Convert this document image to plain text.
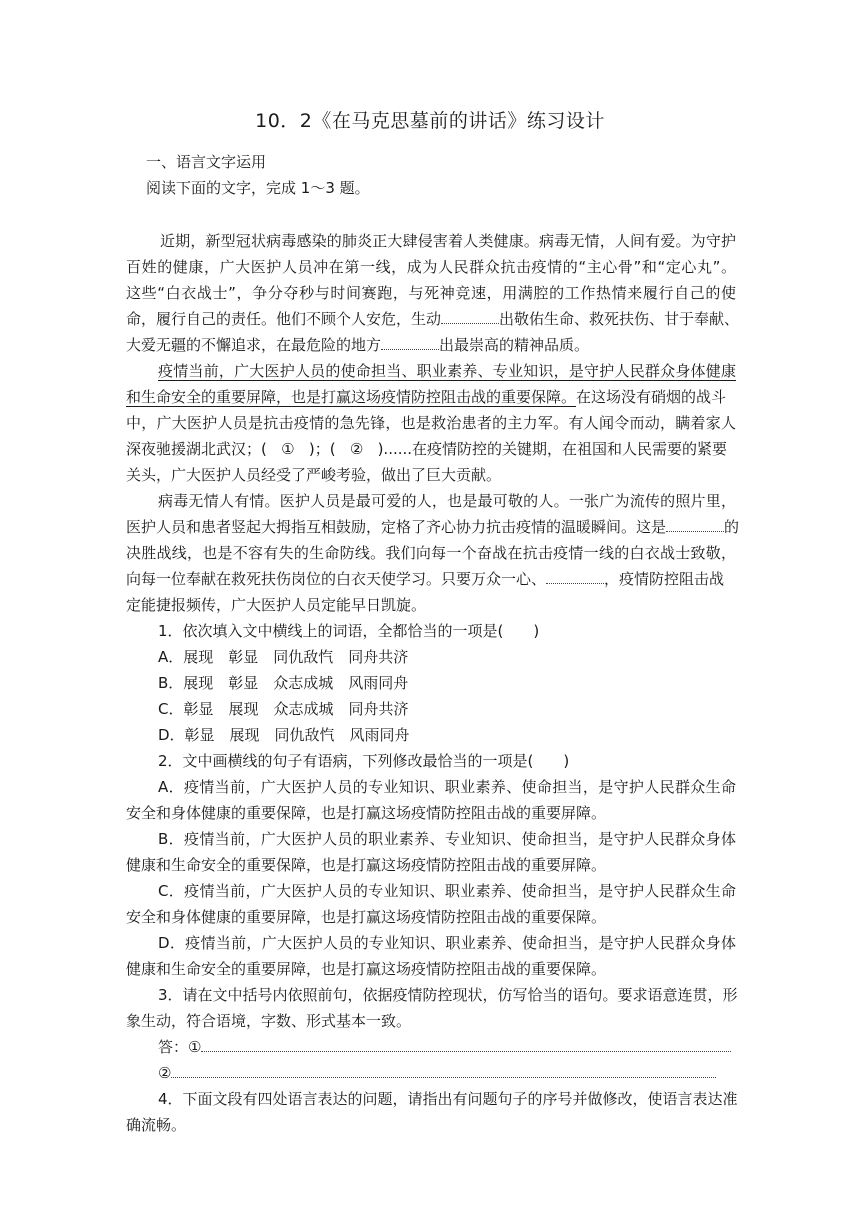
10．2《在马克思墓前的讲话》练习设计
一、语言文字运用
阅读下面的文字，完成 1～3 题。
近期，新型冠状病毒感染的肺炎正大肆侵害着人类健康。病毒无情，人间有爱。为守护
百姓的健康，广大医护人员冲在第一线，成为人民群众抗击疫情的“主心骨”和“定心丸”。
这些“白衣战士”，争分夺秒与时间赛跑，与死神竞速，用满腔的工作热情来履行自己的使
命，履行自己的责任。他们不顾个人安危，生动	出敬佑生命、救死扶伤、甘于奉献、
大爱无疆的不懈追求，在最危险的地方	出最崇高的精神品质。
疫情当前，广大医护人员的使命担当、职业素养、专业知识，是守护人民群众身体健康
和生命安全的重要屏障，也是打赢这场疫情防控阻击战的重要保障。在这场没有硝烟的战斗
中，广大医护人员是抗击疫情的急先锋，也是救治患者的主力军。有人闻令而动，瞒着家人
深夜驰援湖北武汉；( ① )；( ② )......在疫情防控的关键期，在祖国和人民需要的紧要
关头，广大医护人员经受了严峻考验，做出了巨大贡献。
病毒无情人有情。医护人员是最可爱的人，也是最可敬的人。一张广为流传的照片里，
医护人员和患者竖起大拇指互相鼓励，定格了齐心协力抗击疫情的温暖瞬间。这是	的
决胜战线，也是不容有失的生命防线。我们向每一个奋战在抗击疫情一线的白衣战士致敬，
向每一位奉献在救死扶伤岗位的白衣天使学习。只要万众一心、	，疫情防控阻击战
定能捷报频传，广大医护人员定能早日凯旋。
1．依次填入文中横线上的词语，全都恰当的一项是(　　)
A．展现　彰显　同仇敌忾　同舟共济
B．展现　彰显　众志成城　风雨同舟
C．彰显　展现　众志成城　同舟共济
D．彰显　展现　同仇敌忾　风雨同舟
2．文中画横线的句子有语病，下列修改最恰当的一项是(　　)
A．疫情当前，广大医护人员的专业知识、职业素养、使命担当，是守护人民群众生命
安全和身体健康的重要保障，也是打赢这场疫情防控阻击战的重要屏障。
B．疫情当前，广大医护人员的职业素养、专业知识、使命担当，是守护人民群众身体
健康和生命安全的重要保障，也是打赢这场疫情防控阻击战的重要屏障。
C．疫情当前，广大医护人员的专业知识、职业素养、使命担当，是守护人民群众生命
安全和身体健康的重要屏障，也是打赢这场疫情防控阻击战的重要保障。
D．疫情当前，广大医护人员的专业知识、职业素养、使命担当，是守护人民群众身体
健康和生命安全的重要屏障，也是打赢这场疫情防控阻击战的重要保障。
3．请在文中括号内依照前句，依据疫情防控现状，仿写恰当的语句。要求语意连贯，形
象生动，符合语境，字数、形式基本一致。
答：①
②
4．下面文段有四处语言表达的问题，请指出有问题句子的序号并做修改，使语言表达准
确流畅。
